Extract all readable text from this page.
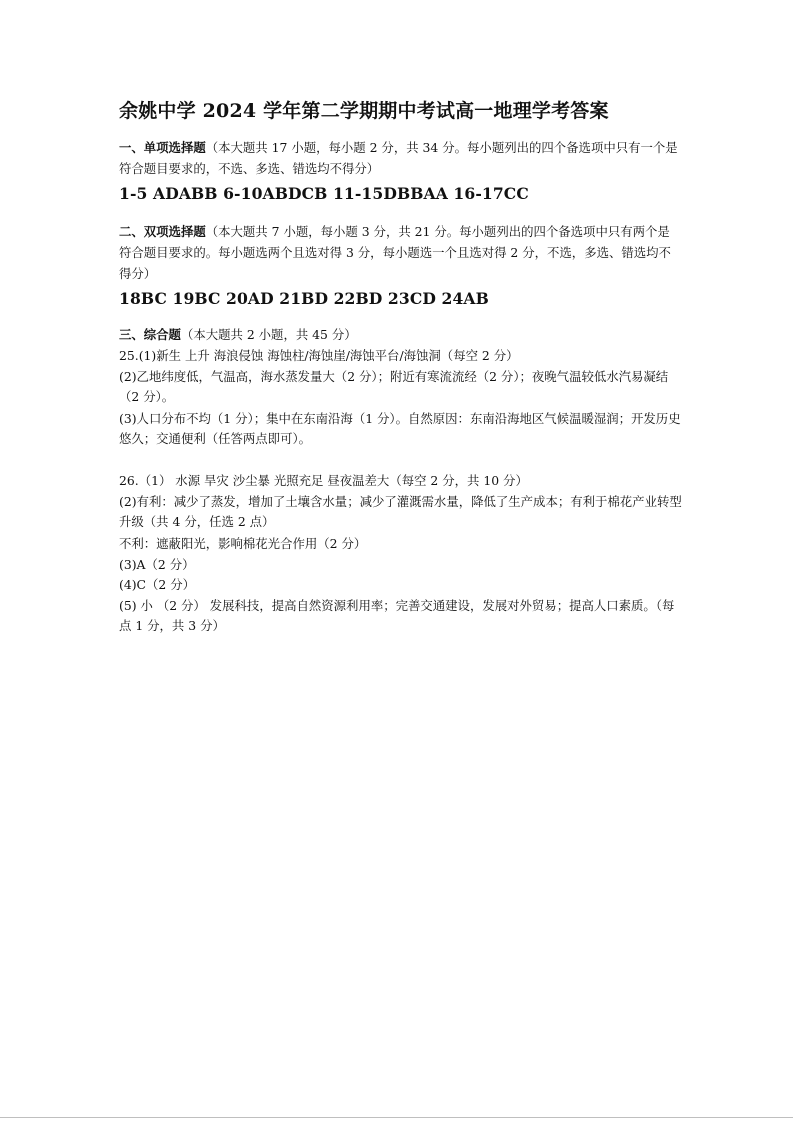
余姚中学 2024 学年第二学期期中考试高一地理学考答案
一、单项选择题（本大题共 17 小题，每小题 2 分，共 34 分。每小题列出的四个备选项中只有一个是符合题目要求的，不选、多选、错选均不得分）
1-5 ADABB 6-10ABDCB 11-15DBBAA 16-17CC
二、双项选择题（本大题共 7 小题，每小题 3 分，共 21 分。每小题列出的四个备选项中只有两个是符合题目要求的。每小题选两个且选对得 3 分，每小题选一个且选对得 2 分，不选，多选、错选均不得分）
18BC 19BC 20AD 21BD 22BD 23CD 24AB
三、综合题（本大题共 2 小题，共 45 分）
25.(1)新生 上升 海浪侵蚀 海蚀柱/海蚀崖/海蚀平台/海蚀洞（每空 2 分）
(2)乙地纬度低，气温高，海水蒸发量大（2 分）；附近有寒流流经（2 分）；夜晚气温较低水汽易凝结（2 分）。
(3)人口分布不均（1 分）；集中在东南沿海（1 分）。自然原因：东南沿海地区气候温暖湿润；开发历史悠久；交通便利（任答两点即可）。
26.（1） 水源 旱灾 沙尘暴 光照充足 昼夜温差大（每空 2 分，共 10 分）
(2)有利：减少了蒸发，增加了土壤含水量；减少了灌溉需水量，降低了生产成本；有利于棉花产业转型升级（共 4 分，任选 2 点）
不利：遮蔽阳光，影响棉花光合作用（2 分）
(3)A（2 分）
(4)C（2 分）
(5) 小 （2 分） 发展科技，提高自然资源利用率；完善交通建设，发展对外贸易；提高人口素质。（每点 1 分，共 3 分）
